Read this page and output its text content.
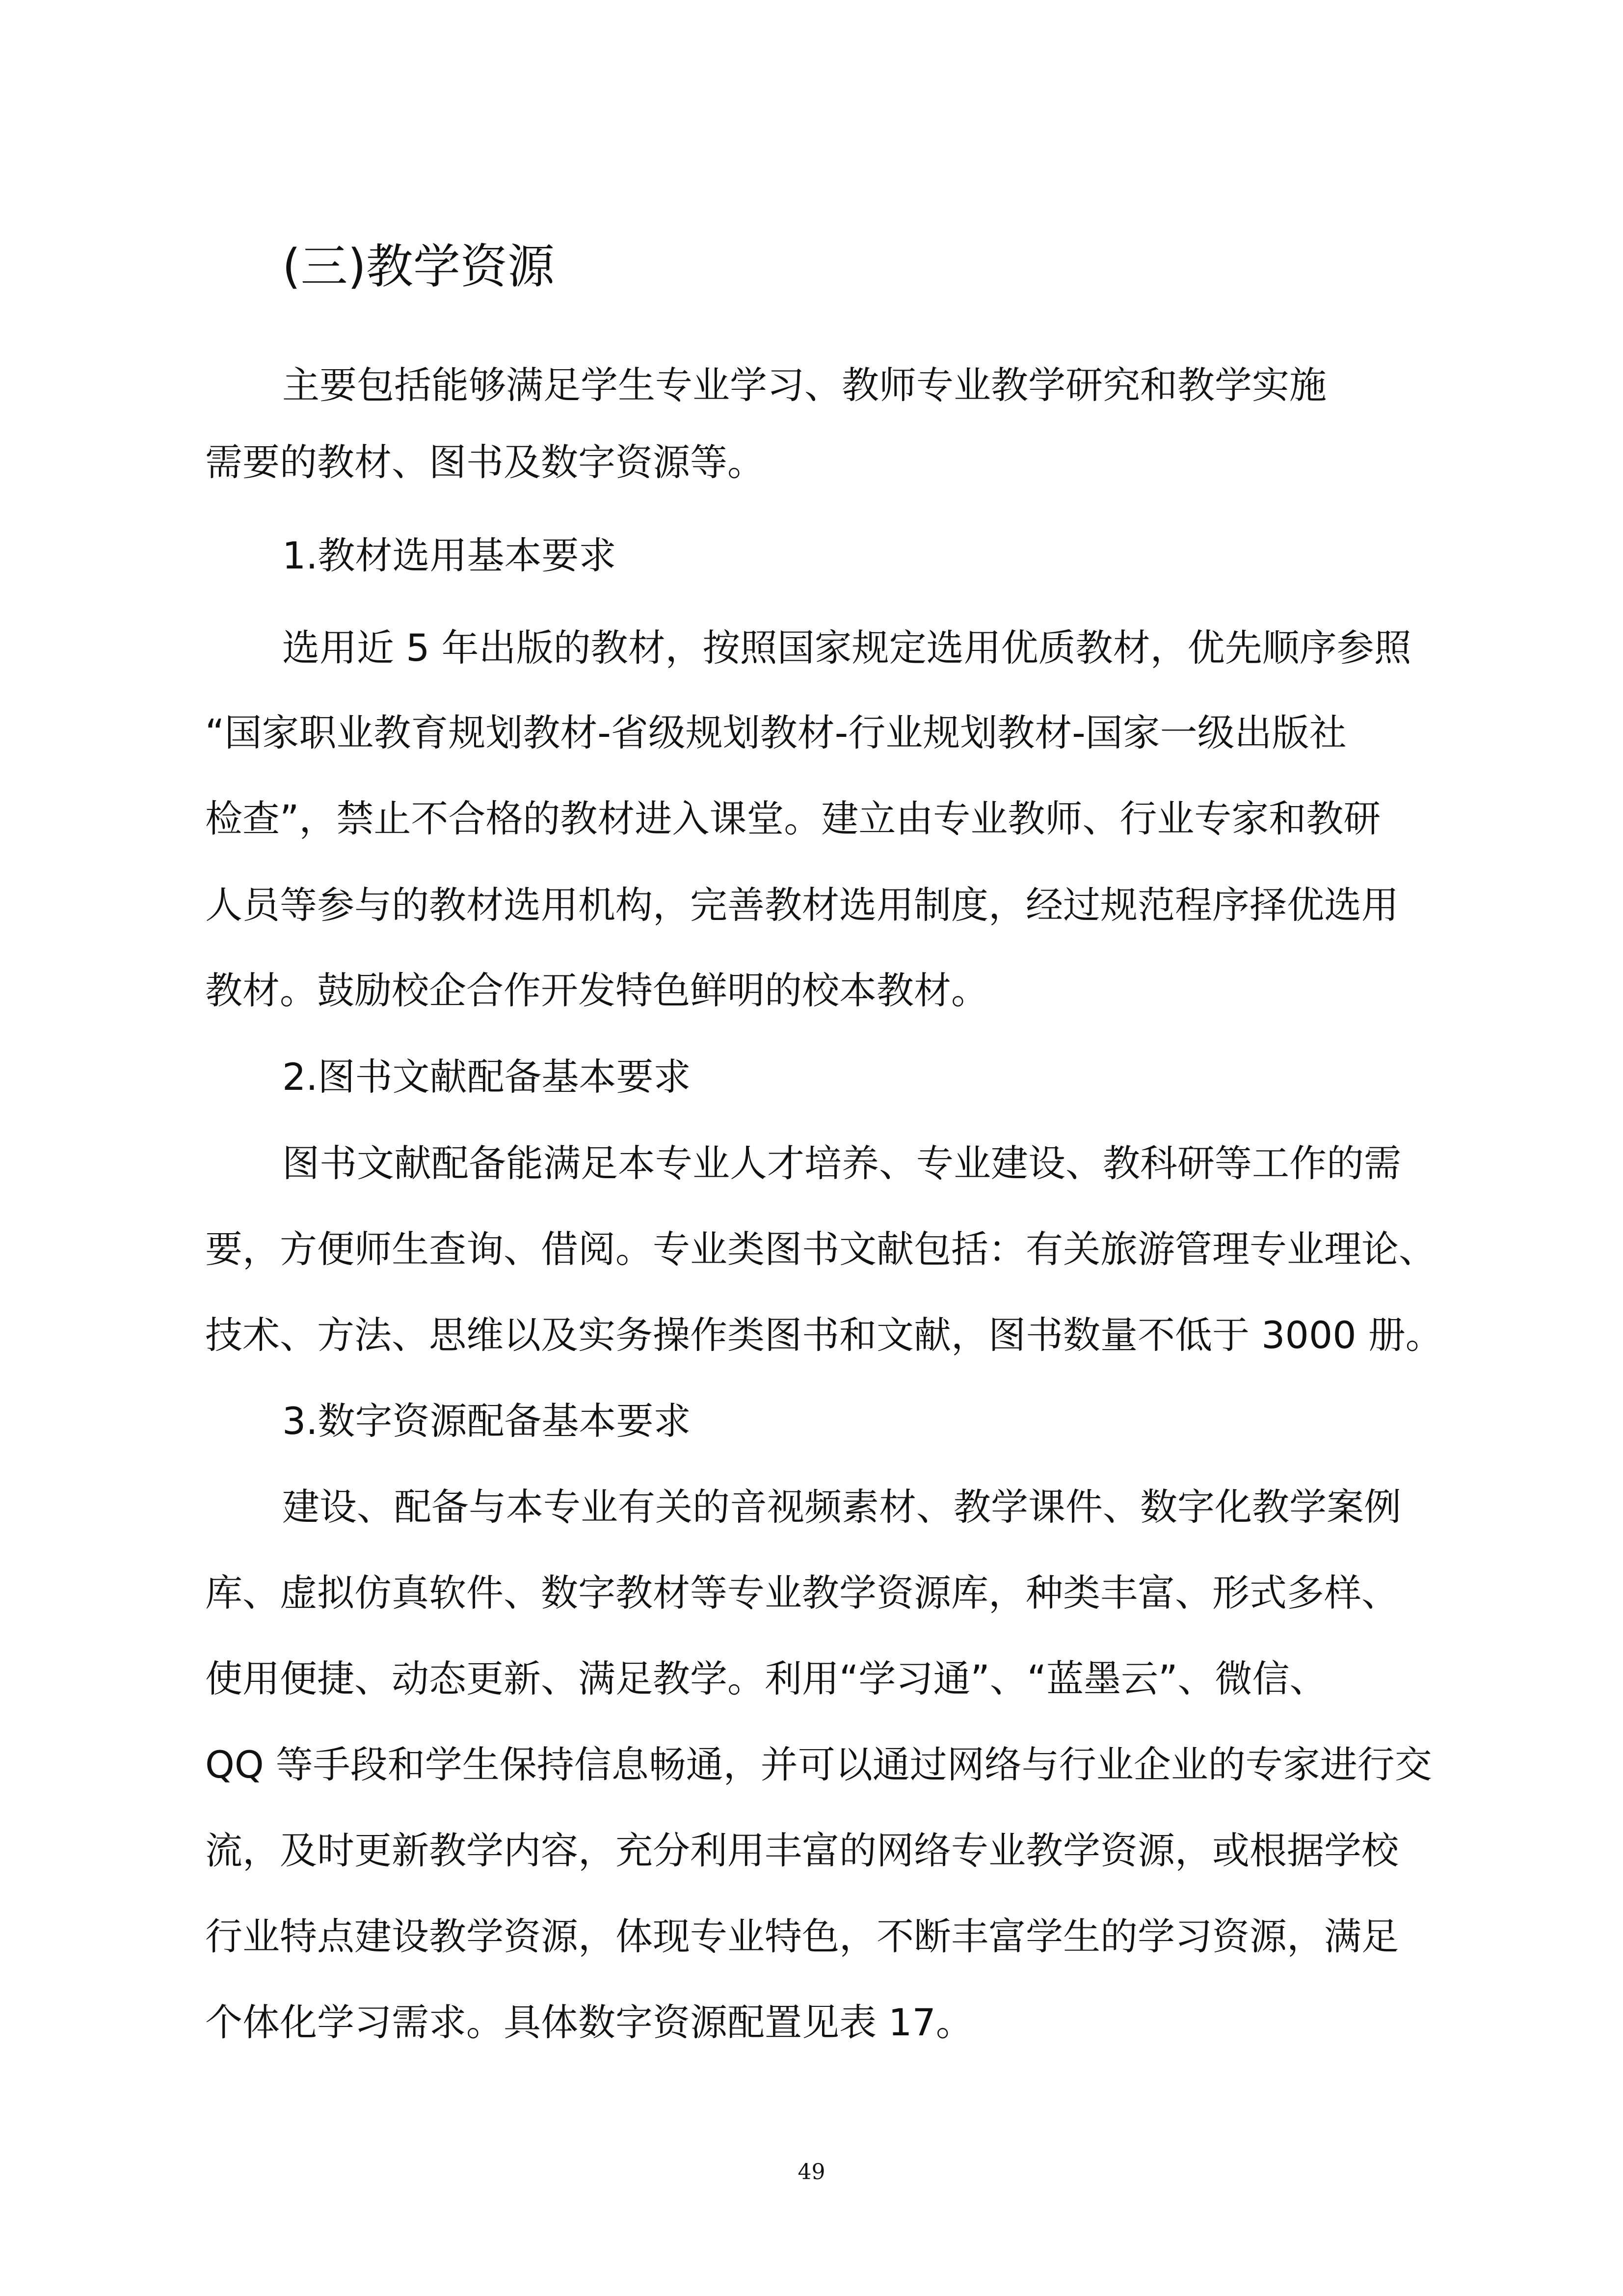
(三)教学资源
主要包括能够满足学生专业学习、教师专业教学研究和教学实施
需要的教材、图书及数字资源等。
1.教材选用基本要求
选用近 5 年出版的教材，按照国家规定选用优质教材，优先顺序参照
“国家职业教育规划教材-省级规划教材-行业规划教材-国家一级出版社
检查”，禁止不合格的教材进入课堂。建立由专业教师、行业专家和教研
人员等参与的教材选用机构，完善教材选用制度，经过规范程序择优选用
教材。鼓励校企合作开发特色鲜明的校本教材。
2.图书文献配备基本要求
图书文献配备能满足本专业人才培养、专业建设、教科研等工作的需
要，方便师生查询、借阅。专业类图书文献包括：有关旅游管理专业理论、
技术、方法、思维以及实务操作类图书和文献，图书数量不低于 3000 册。
3.数字资源配备基本要求
建设、配备与本专业有关的音视频素材、教学课件、数字化教学案例
库、虚拟仿真软件、数字教材等专业教学资源库，种类丰富、形式多样、
使用便捷、动态更新、满足教学。利用“学习通”、“蓝墨云”、微信、
QQ 等手段和学生保持信息畅通，并可以通过网络与行业企业的专家进行交
流，及时更新教学内容，充分利用丰富的网络专业教学资源，或根据学校
行业特点建设教学资源，体现专业特色，不断丰富学生的学习资源，满足
个体化学习需求。具体数字资源配置见表 17。
49
